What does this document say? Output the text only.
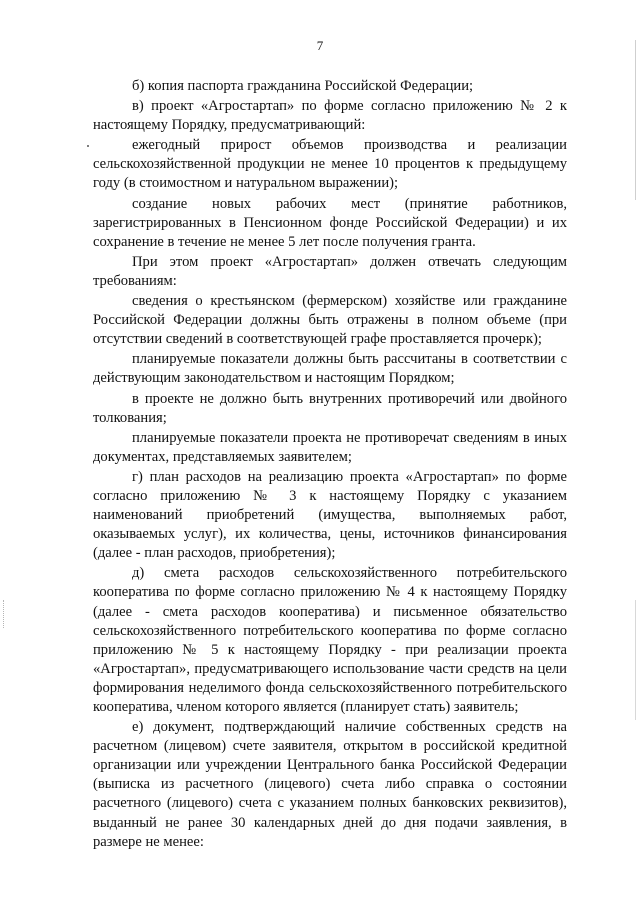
7

б) копия паспорта гражданина Российской Федерации;

в) проект «Агростартап» по форме согласно приложению № 2 к настоящему Порядку, предусматривающий:

ежегодный прирост объемов производства и реализации сельскохозяйственной продукции не менее 10 процентов к предыдущему году (в стоимостном и натуральном выражении);

создание новых рабочих мест (принятие работников, зарегистрированных в Пенсионном фонде Российской Федерации) и их сохранение в течение не менее 5 лет после получения гранта.

При этом проект «Агростартап» должен отвечать следующим требованиям:

сведения о крестьянском (фермерском) хозяйстве или гражданине Российской Федерации должны быть отражены в полном объеме (при отсутствии сведений в соответствующей графе проставляется прочерк);

планируемые показатели должны быть рассчитаны в соответствии с действующим законодательством и настоящим Порядком;

в проекте не должно быть внутренних противоречий или двойного толкования;

планируемые показатели проекта не противоречат сведениям в иных документах, представляемых заявителем;

г) план расходов на реализацию проекта «Агростартап» по форме согласно приложению № 3 к настоящему Порядку с указанием наименований приобретений (имущества, выполняемых работ, оказываемых услуг), их количества, цены, источников финансирования (далее - план расходов, приобретения);

д) смета расходов сельскохозяйственного потребительского кооператива по форме согласно приложению № 4 к настоящему Порядку (далее - смета расходов кооператива) и письменное обязательство сельскохозяйственного потребительского кооператива по форме согласно приложению № 5 к настоящему Порядку - при реализации проекта «Агростартап», предусматривающего использование части средств на цели формирования неделимого фонда сельскохозяйственного потребительского кооператива, членом которого является (планирует стать) заявитель;

е) документ, подтверждающий наличие собственных средств на расчетном (лицевом) счете заявителя, открытом в российской кредитной организации или учреждении Центрального банка Российской Федерации (выписка из расчетного (лицевого) счета либо справка о состоянии расчетного (лицевого) счета с указанием полных банковских реквизитов), выданный не ранее 30 календарных дней до дня подачи заявления, в размере не менее:
